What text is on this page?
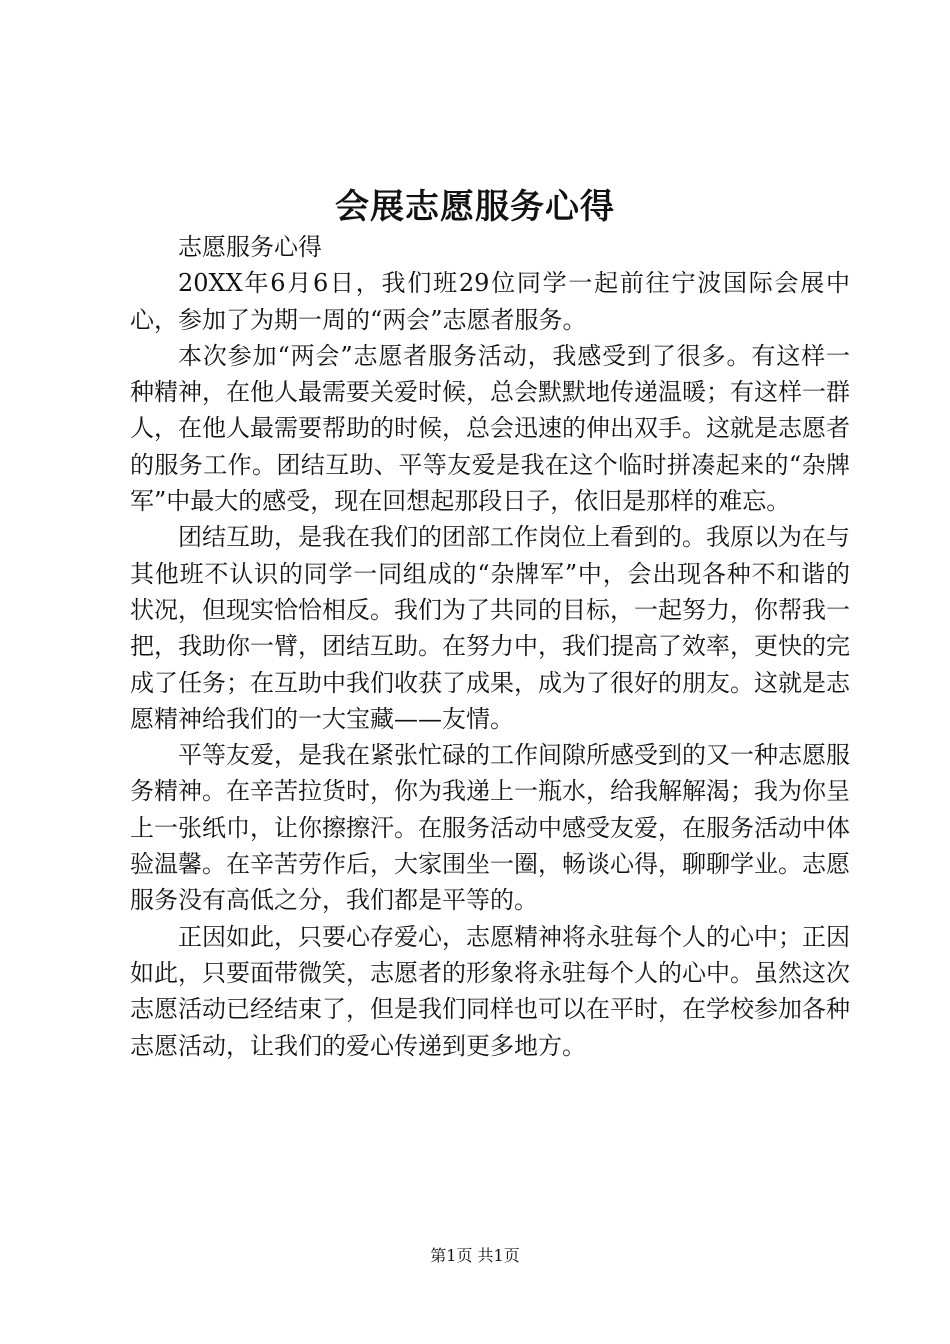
会展志愿服务心得

志愿服务心得

20XX年6月6日，我们班29位同学一起前往宁波国际会展中心，参加了为期一周的“两会”志愿者服务。

本次参加“两会”志愿者服务活动，我感受到了很多。有这样一种精神，在他人最需要关爱时候，总会默默地传递温暖；有这样一群人，在他人最需要帮助的时候，总会迅速的伸出双手。这就是志愿者的服务工作。团结互助、平等友爱是我在这个临时拼凑起来的“杂牌军”中最大的感受，现在回想起那段日子，依旧是那样的难忘。

团结互助，是我在我们的团部工作岗位上看到的。我原以为在与其他班不认识的同学一同组成的“杂牌军”中，会出现各种不和谐的状况，但现实恰恰相反。我们为了共同的目标，一起努力，你帮我一把，我助你一臂，团结互助。在努力中，我们提高了效率，更快的完成了任务；在互助中我们收获了成果，成为了很好的朋友。这就是志愿精神给我们的一大宝藏——友情。

平等友爱，是我在紧张忙碌的工作间隙所感受到的又一种志愿服务精神。在辛苦拉货时，你为我递上一瓶水，给我解解渴；我为你呈上一张纸巾，让你擦擦汗。在服务活动中感受友爱，在服务活动中体验温馨。在辛苦劳作后，大家围坐一圈，畅谈心得，聊聊学业。志愿服务没有高低之分，我们都是平等的。

正因如此，只要心存爱心，志愿精神将永驻每个人的心中；正因如此，只要面带微笑，志愿者的形象将永驻每个人的心中。虽然这次志愿活动已经结束了，但是我们同样也可以在平时，在学校参加各种志愿活动，让我们的爱心传递到更多地方。

第1页 共1页
